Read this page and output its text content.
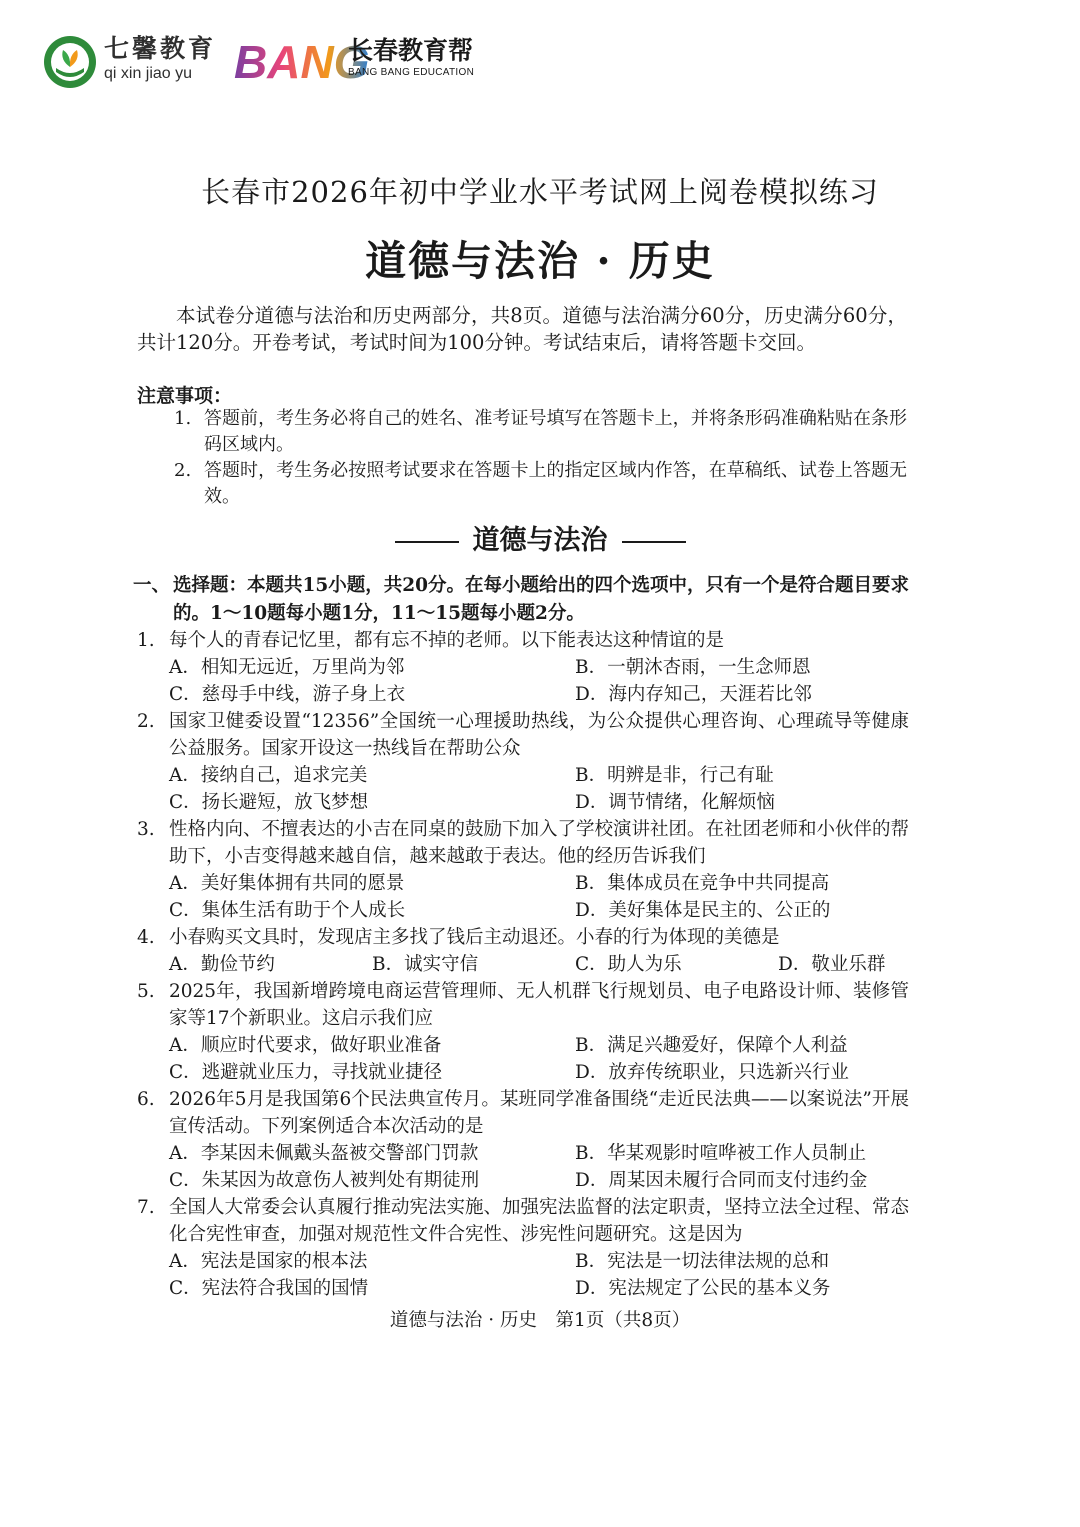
七馨教育
qi xin jiao yu BANG
长春教育帮
BANG BANG EDUCATION
长春市2026年初中学业水平考试网上阅卷模拟练习
道德与法治 · 历史
本试卷分道德与法治和历史两部分，共8页。道德与法治满分60分，历史满分60分，共计120分。开卷考试，考试时间为100分钟。考试结束后，请将答题卡交回。
注意事项：
1. 答题前，考生务必将自己的姓名、准考证号填写在答题卡上，并将条形码准确粘贴在条形码区域内。
2. 答题时，考生务必按照考试要求在答题卡上的指定区域内作答，在草稿纸、试卷上答题无效。
道德与法治
一、 选择题：本题共15小题，共20分。在每小题给出的四个选项中，只有一个是符合题目要求的。1～10题每小题1分，11～15题每小题2分。
1. 每个人的青春记忆里，都有忘不掉的老师。以下能表达这种情谊的是
A．相知无远近，万里尚为邻	B．一朝沐杏雨，一生念师恩
C．慈母手中线，游子身上衣	D．海内存知己，天涯若比邻
2. 国家卫健委设置“12356”全国统一心理援助热线，为公众提供心理咨询、心理疏导等健康公益服务。国家开设这一热线旨在帮助公众
A．接纳自己，追求完美	B．明辨是非，行己有耻
C．扬长避短，放飞梦想	D．调节情绪，化解烦恼
3. 性格内向、不擅表达的小吉在同桌的鼓励下加入了学校演讲社团。在社团老师和小伙伴的帮助下，小吉变得越来越自信，越来越敢于表达。他的经历告诉我们
A．美好集体拥有共同的愿景	B．集体成员在竞争中共同提高
C．集体生活有助于个人成长	D．美好集体是民主的、公正的
4. 小春购买文具时，发现店主多找了钱后主动退还。小春的行为体现的美德是
A．勤俭节约	B．诚实守信	C．助人为乐	D．敬业乐群
5. 2025年，我国新增跨境电商运营管理师、无人机群飞行规划员、电子电路设计师、装修管家等17个新职业。这启示我们应
A．顺应时代要求，做好职业准备	B．满足兴趣爱好，保障个人利益
C．逃避就业压力，寻找就业捷径	D．放弃传统职业，只选新兴行业
6. 2026年5月是我国第6个民法典宣传月。某班同学准备围绕“走近民法典——以案说法”开展宣传活动。下列案例适合本次活动的是
A．李某因未佩戴头盔被交警部门罚款	B．华某观影时喧哗被工作人员制止
C．朱某因为故意伤人被判处有期徒刑	D．周某因未履行合同而支付违约金
7. 全国人大常委会认真履行推动宪法实施、加强宪法监督的法定职责，坚持立法全过程、常态化合宪性审查，加强对规范性文件合宪性、涉宪性问题研究。这是因为
A．宪法是国家的根本法	B．宪法是一切法律法规的总和
C．宪法符合我国的国情	D．宪法规定了公民的基本义务
道德与法治 · 历史　第1页（共8页）
